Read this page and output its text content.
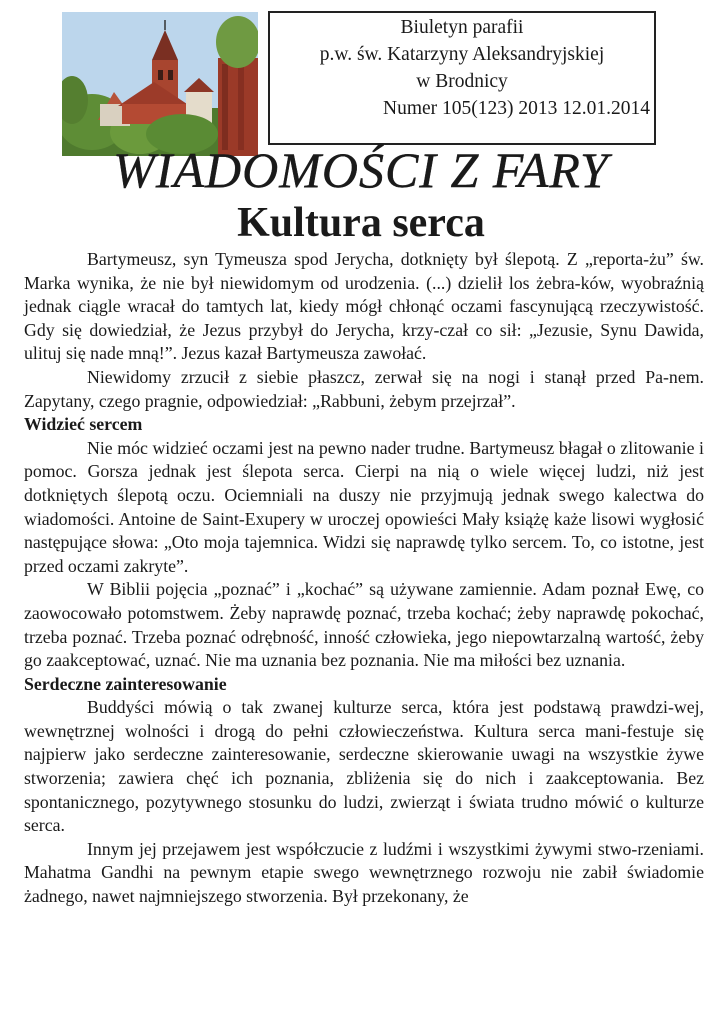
Biuletyn parafii
p.w. św. Katarzyny Aleksandryjskiej
w Brodnicy
Numer 105(123) 2013 12.01.2014
WIADOMOŚCI Z FARY
Kultura serca

Bartymeusz, syn Tymeusza spod Jerycha, dotknięty był ślepotą. Z „reporta-żu” św. Marka wynika, że nie był niewidomym od urodzenia. (...) dzielił los żebra-ków, wyobraźnią jednak ciągle wracał do tamtych lat, kiedy mógł chłonąć oczami fascynującą rzeczywistość. Gdy się dowiedział, że Jezus przybył do Jerycha, krzy-czał co sił: „Jezusie, Synu Dawida, ulituj się nade mną!”. Jezus kazał Bartymeusza zawołać.

Niewidomy zrzucił z siebie płaszcz, zerwał się na nogi i stanął przed Pa-nem. Zapytany, czego pragnie, odpowiedział: „Rabbuni, żebym przejrzał”.

Widzieć sercem

Nie móc widzieć oczami jest na pewno nader trudne. Bartymeusz błagał o zlitowanie i pomoc. Gorsza jednak jest ślepota serca. Cierpi na nią o wiele więcej ludzi, niż jest dotkniętych ślepotą oczu. Ociemniali na duszy nie przyjmują jednak swego kalectwa do wiadomości. Antoine de Saint-Exupery w uroczej opowieści Mały książę każe lisowi wygłosić następujące słowa: „Oto moja tajemnica. Widzi się naprawdę tylko sercem. To, co istotne, jest przed oczami zakryte”.

W Biblii pojęcia „poznać” i „kochać” są używane zamiennie. Adam poznał Ewę, co zaowocowało potomstwem. Żeby naprawdę poznać, trzeba kochać; żeby naprawdę pokochać, trzeba poznać. Trzeba poznać odrębność, inność człowieka, jego niepowtarzalną wartość, żeby go zaakceptować, uznać. Nie ma uznania bez poznania. Nie ma miłości bez uznania.

Serdeczne zainteresowanie

Buddyści mówią o tak zwanej kulturze serca, która jest podstawą prawdzi-wej, wewnętrznej wolności i drogą do pełni człowieczeństwa. Kultura serca mani-festuje się najpierw jako serdeczne zainteresowanie, serdeczne skierowanie uwagi na wszystkie żywe stworzenia; zawiera chęć ich poznania, zbliżenia się do nich i zaakceptowania. Bez spontanicznego, pozytywnego stosunku do ludzi, zwierząt i świata trudno mówić o kulturze serca.

Innym jej przejawem jest współczucie z ludźmi i wszystkimi żywymi stwo-rzeniami. Mahatma Gandhi na pewnym etapie swego wewnętrznego rozwoju nie zabił świadomie żadnego, nawet najmniejszego stworzenia. Był przekonany, że
